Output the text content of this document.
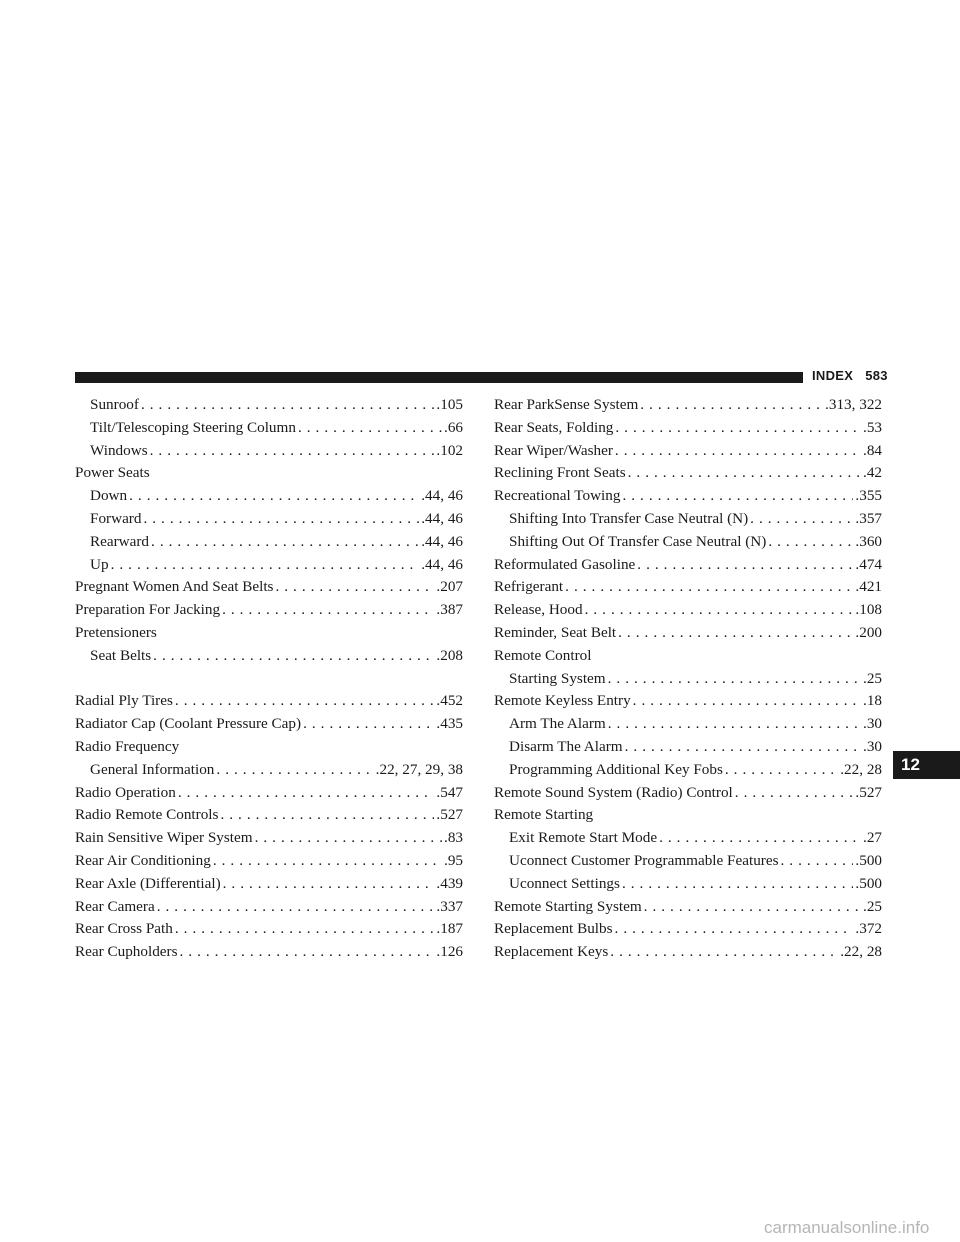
INDEX 583
Sunroof . . .	.105
Tilt/Telescoping Steering Column . . .	.66
Windows . . .	.102
Power Seats
Down . . .	.44, 46
Forward . . .	.44, 46
Rearward . . .	.44, 46
Up . . .	.44, 46
Pregnant Women And Seat Belts . . .	.207
Preparation For Jacking . . .	.387
Pretensioners
Seat Belts . . .	.208
Radial Ply Tires . . .	.452
Radiator Cap (Coolant Pressure Cap) . . .	.435
Radio Frequency
General Information . . .	.22, 27, 29, 38
Radio Operation . . .	.547
Radio Remote Controls . . .	.527
Rain Sensitive Wiper System . . .	.83
Rear Air Conditioning . . .	.95
Rear Axle (Differential) . . .	.439
Rear Camera . . .	.337
Rear Cross Path . . .	.187
Rear Cupholders . . .	.126
Rear ParkSense System . . .	.313, 322
Rear Seats, Folding . . .	.53
Rear Wiper/Washer . . .	.84
Reclining Front Seats . . .	.42
Recreational Towing . . .	.355
Shifting Into Transfer Case Neutral (N) . . .	.357
Shifting Out Of Transfer Case Neutral (N) . . .	.360
Reformulated Gasoline . . .	.474
Refrigerant . . .	.421
Release, Hood . . .	.108
Reminder, Seat Belt . . .	.200
Remote Control
Starting System . . .	.25
Remote Keyless Entry . . .	.18
Arm The Alarm . . .	.30
Disarm The Alarm . . .	.30
Programming Additional Key Fobs . . .	.22, 28
Remote Sound System (Radio) Control . . .	.527
Remote Starting
Exit Remote Start Mode . . .	.27
Uconnect Customer Programmable Features . . .	.500
Uconnect Settings . . .	.500
Remote Starting System . . .	.25
Replacement Bulbs . . .	.372
Replacement Keys . . .	.22, 28
12
carmanualsonline.info
